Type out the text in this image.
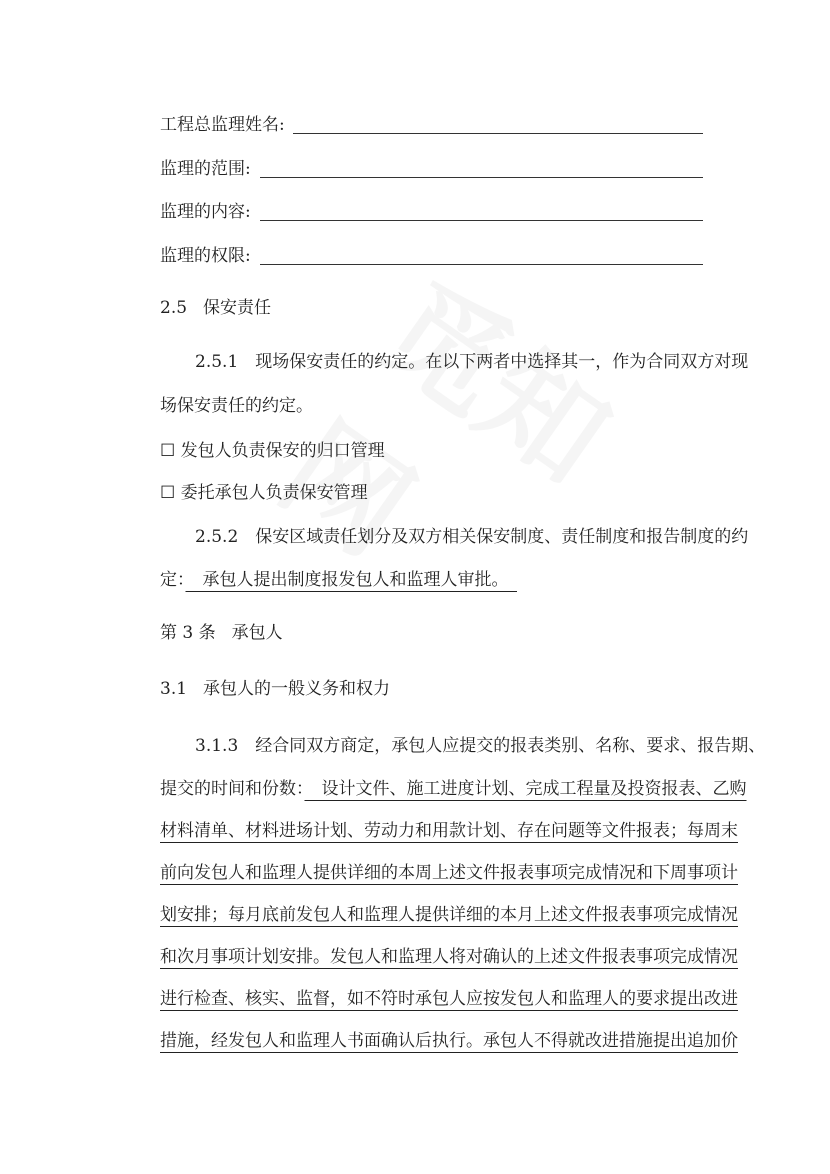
工程总监理姓名:
监理的范围:
监理的内容:
监理的权限:
2.5 保安责任
2.5.1　现场保安责任的约定。在以下两者中选择其一，作为合同双方对现
场保安责任的约定。
☐ 发包人负责保安的归口管理
☐ 委托承包人负责保安管理
2.5.2　保安区域责任划分及双方相关保安制度、责任制度和报告制度的约
定：　承包人提出制度报发包人和监理人审批。　
第 3 条 承包人
3.1 承包人的一般义务和权力
3.1.3　经合同双方商定，承包人应提交的报表类别、名称、要求、报告期、
提交的时间和份数：　设计文件、施工进度计划、完成工程量及投资报表、乙购
材料清单、材料进场计划、劳动力和用款计划、存在问题等文件报表；每周末
前向发包人和监理人提供详细的本周上述文件报表事项完成情况和下周事项计
划安排；每月底前发包人和监理人提供详细的本月上述文件报表事项完成情况
和次月事项计划安排。发包人和监理人将对确认的上述文件报表事项完成情况
进行检查、核实、监督，如不符时承包人应按发包人和监理人的要求提出改进
措施，经发包人和监理人书面确认后执行。承包人不得就改进措施提出追加价
